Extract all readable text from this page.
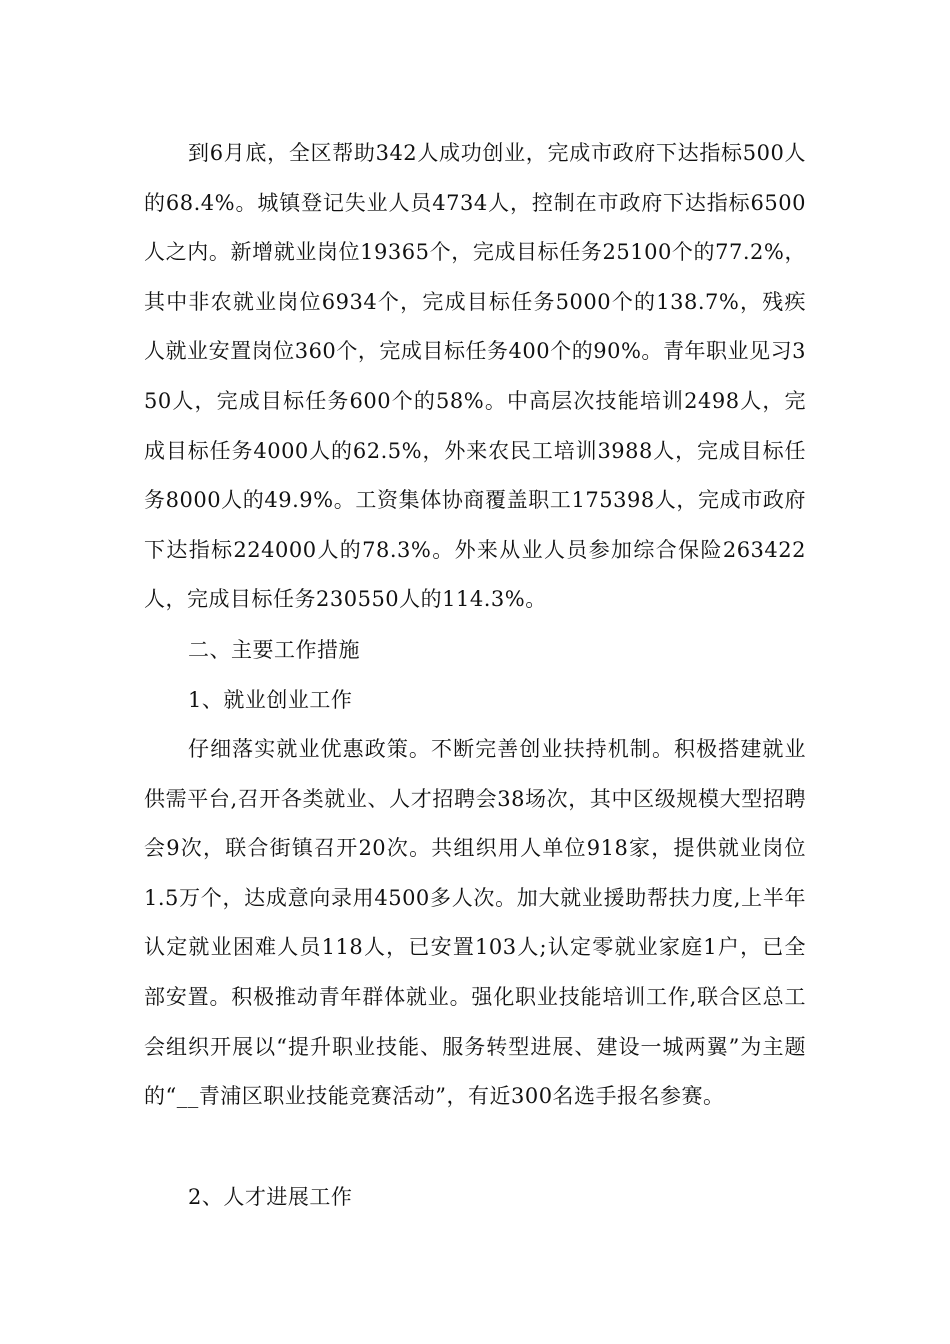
到6月底，全区帮助342人成功创业，完成市政府下达指标500人的68.4%。城镇登记失业人员4734人，控制在市政府下达指标6500人之内。新增就业岗位19365个，完成目标任务25100个的77.2%，其中非农就业岗位6934个，完成目标任务5000个的138.7%，残疾人就业安置岗位360个，完成目标任务400个的90%。青年职业见习350人，完成目标任务600个的58%。中高层次技能培训2498人，完成目标任务4000人的62.5%，外来农民工培训3988人，完成目标任务8000人的49.9%。工资集体协商覆盖职工175398人，完成市政府下达指标224000人的78.3%。外来从业人员参加综合保险263422人，完成目标任务230550人的114.3%。

二、主要工作措施

1、就业创业工作

仔细落实就业优惠政策。不断完善创业扶持机制。积极搭建就业供需平台,召开各类就业、人才招聘会38场次，其中区级规模大型招聘会9次，联合街镇召开20次。共组织用人单位918家，提供就业岗位1.5万个，达成意向录用4500多人次。加大就业援助帮扶力度,上半年认定就业困难人员118人，已安置103人;认定零就业家庭1户，已全部安置。积极推动青年群体就业。强化职业技能培训工作,联合区总工会组织开展以“提升职业技能、服务转型进展、建设一城两翼”为主题的“__青浦区职业技能竞赛活动”，有近300名选手报名参赛。

2、人才进展工作
